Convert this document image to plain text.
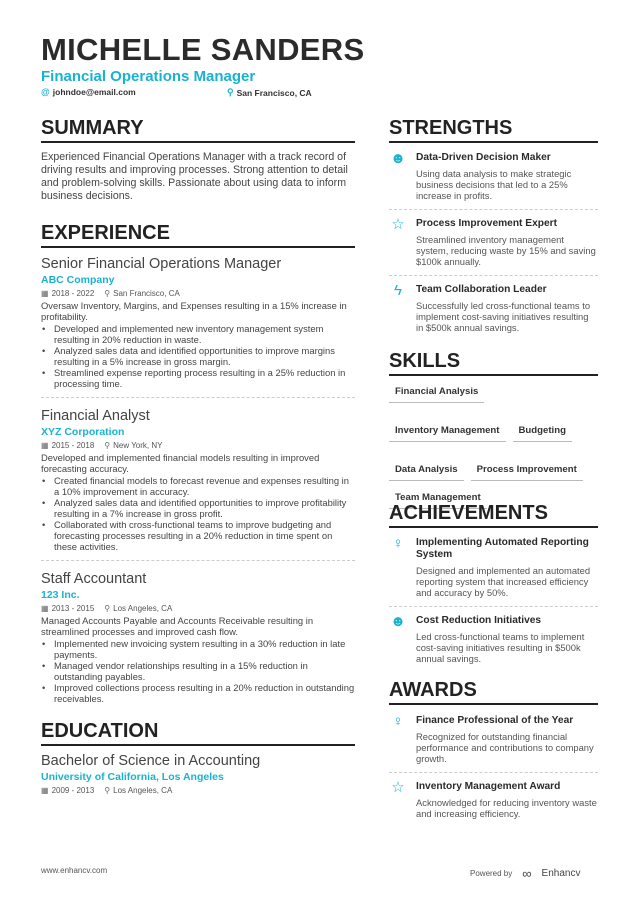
MICHELLE SANDERS
Financial Operations Manager
@ johndoe@email.com	⚲ San Francisco, CA
SUMMARY
Experienced Financial Operations Manager with a track record of driving results and improving processes. Strong attention to detail and problem-solving skills. Passionate about using data to inform business decisions.
EXPERIENCE
Senior Financial Operations Manager
ABC Company
▦ 2018 - 2022 ⚲ San Francisco, CA
Oversaw Inventory, Margins, and Expenses resulting in a 15% increase in profitability.
• Developed and implemented new inventory management system resulting in 20% reduction in waste.
• Analyzed sales data and identified opportunities to improve margins resulting in a 5% increase in gross margin.
• Streamlined expense reporting process resulting in a 25% reduction in processing time.
Financial Analyst
XYZ Corporation
▦ 2015 - 2018 ⚲ New York, NY
Developed and implemented financial models resulting in improved forecasting accuracy.
• Created financial models to forecast revenue and expenses resulting in a 10% improvement in accuracy.
• Analyzed sales data and identified opportunities to improve profitability resulting in a 7% increase in gross profit.
• Collaborated with cross-functional teams to improve budgeting and forecasting processes resulting in a 20% reduction in time spent on these activities.
Staff Accountant
123 Inc.
▦ 2013 - 2015 ⚲ Los Angeles, CA
Managed Accounts Payable and Accounts Receivable resulting in streamlined processes and improved cash flow.
• Implemented new invoicing system resulting in a 30% reduction in late payments.
• Managed vendor relationships resulting in a 15% reduction in outstanding payables.
• Improved collections process resulting in a 20% reduction in outstanding receivables.
EDUCATION
Bachelor of Science in Accounting
University of California, Los Angeles
▦ 2009 - 2013 ⚲ Los Angeles, CA
STRENGTHS
☻ Data-Driven Decision Maker
Using data analysis to make strategic business decisions that led to a 25% increase in profits.
☆ Process Improvement Expert
Streamlined inventory management system, reducing waste by 15% and saving $100k annually.
ϟ	Team Collaboration Leader
Successfully led cross-functional teams to implement cost-saving initiatives resulting in $500k annual savings.
SKILLS
Financial Analysis
Inventory Management	Budgeting
Data Analysis	Process Improvement
Team Management
ACHIEVEMENTS
♀	Implementing Automated Reporting System
Designed and implemented an automated reporting system that increased efficiency and accuracy by 50%.
☻ Cost Reduction Initiatives
Led cross-functional teams to implement cost-saving initiatives resulting in $500k annual savings.
AWARDS
♀	Finance Professional of the Year
Recognized for outstanding financial performance and contributions to company growth.
☆ Inventory Management Award
Acknowledged for reducing inventory waste and increasing efficiency.
www.enhancv.com	Powered by ∞ Enhancv
